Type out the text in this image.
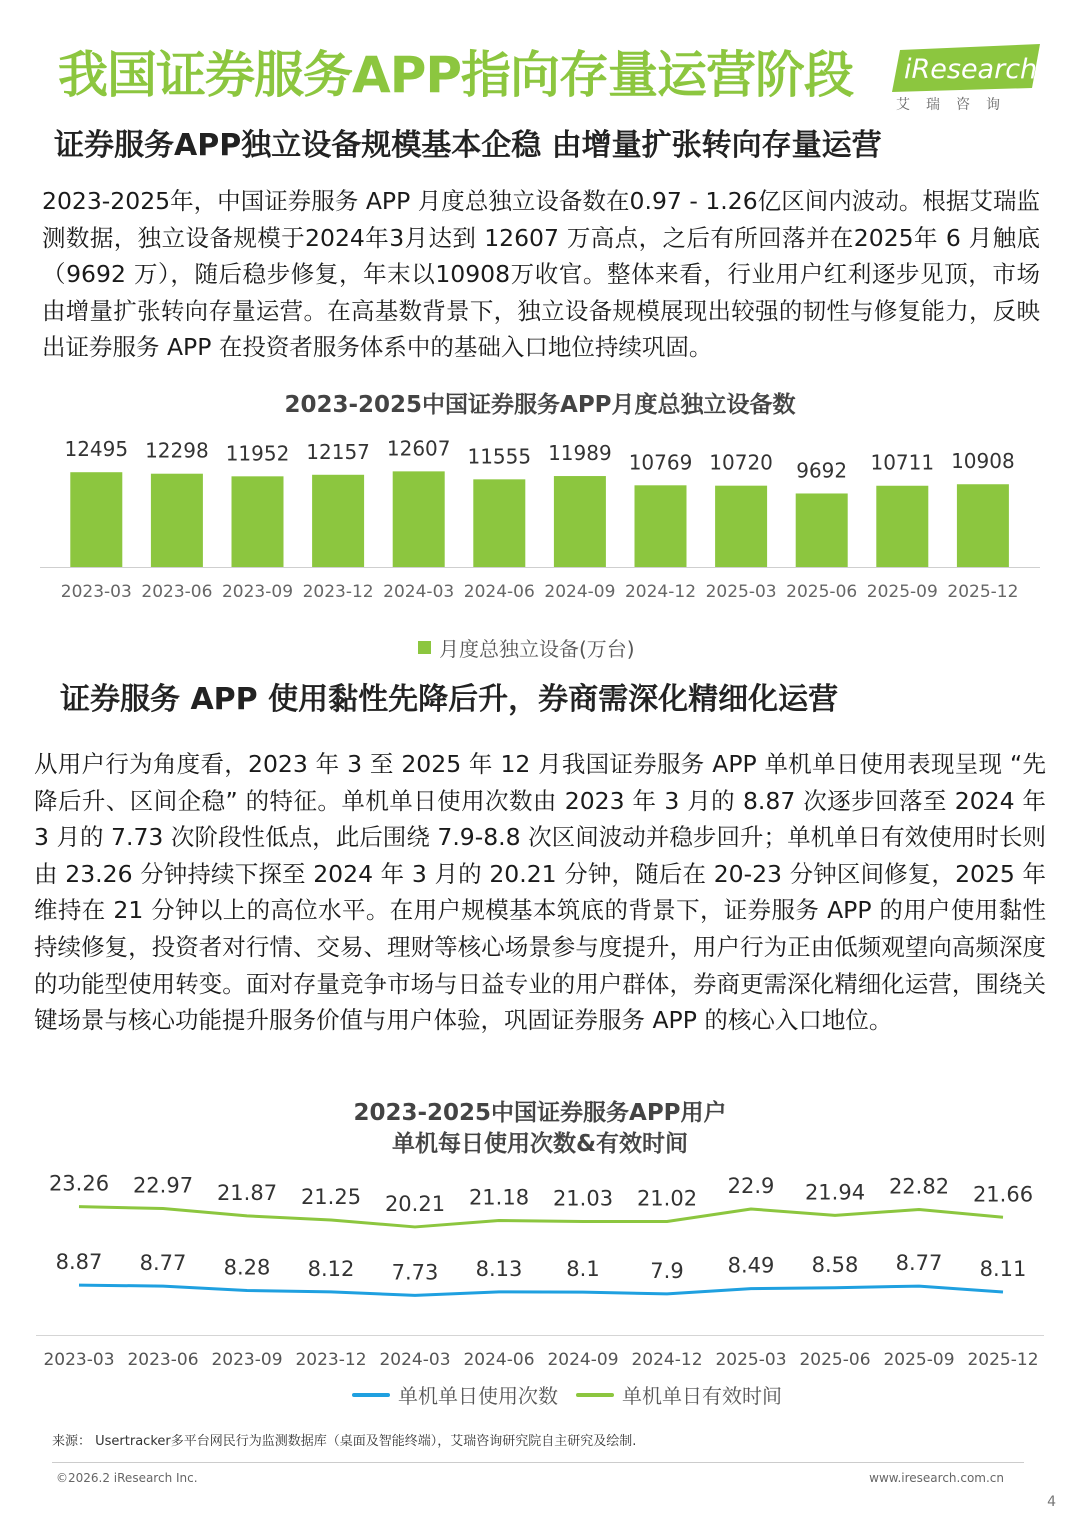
我国证券服务APP指向存量运营阶段 iResearch
艾瑞咨询
证券服务APP独立设备规模基本企稳 由增量扩张转向存量运营
2023-2025年，中国证券服务 APP 月度总独立设备数在0.97 - 1.26亿区间内波动。根据艾瑞监测数据，独立设备规模于2024年3月达到 12607 万高点，之后有所回落并在2025年 6 月触底（9692 万），随后稳步修复，年末以10908万收官。整体来看，行业用户红利逐步见顶，市场由增量扩张转向存量运营。在高基数背景下，独立设备规模展现出较强的韧性与修复能力，反映出证券服务 APP 在投资者服务体系中的基础入口地位持续巩固。
2023-2025中国证券服务APP月度总独立设备数
12495
2023-03
12298
2023-06
11952
2023-09
12157
2023-12
12607
2024-03
11555
2024-06
11989
2024-09
10769
2024-12
10720
2025-03
9692
2025-06
10711
2025-09
10908
2025-12
月度总独立设备(万台)
证券服务 APP 使用黏性先降后升，券商需深化精细化运营
从用户行为角度看，2023 年 3 至 2025 年 12 月我国证券服务 APP 单机单日使用表现呈现 “先降后升、区间企稳” 的特征。单机单日使用次数由 2023 年 3 月的 8.87 次逐步回落至 2024 年 3 月的 7.73 次阶段性低点，此后围绕 7.9-8.8 次区间波动并稳步回升；单机单日有效使用时长则由 23.26 分钟持续下探至 2024 年 3 月的 20.21 分钟，随后在 20-23 分钟区间修复，2025 年维持在 21 分钟以上的高位水平。在用户规模基本筑底的背景下，证券服务 APP 的用户使用黏性持续修复，投资者对行情、交易、理财等核心场景参与度提升，用户行为正由低频观望向高频深度的功能型使用转变。面对存量竞争市场与日益专业的用户群体，券商更需深化精细化运营，围绕关键场景与核心功能提升服务价值与用户体验，巩固证券服务 APP 的核心入口地位。
2023-2025中国证券服务APP用户
单机每日使用次数&有效时间
23.26 22.97 21.87 21.25 20.21 21.18 21.03 21.02
22.9 21.94 22.82 21.66
8.87 8.77 8.28 8.12 7.73 8.13 8.1 7.9 8.49 8.58 8.77 8.11
2023-03 2023-06 2023-09 2023-12 2024-03 2024-06 2024-09 2024-12 2025-03 2025-06 2025-09 2025-12
单机单日使用次数	单机单日有效时间
来源： Usertracker多平台网民行为监测数据库（桌面及智能终端），艾瑞咨询研究院自主研究及绘制.
©2026.2 iResearch Inc.	www.iresearch.com.cn
4
